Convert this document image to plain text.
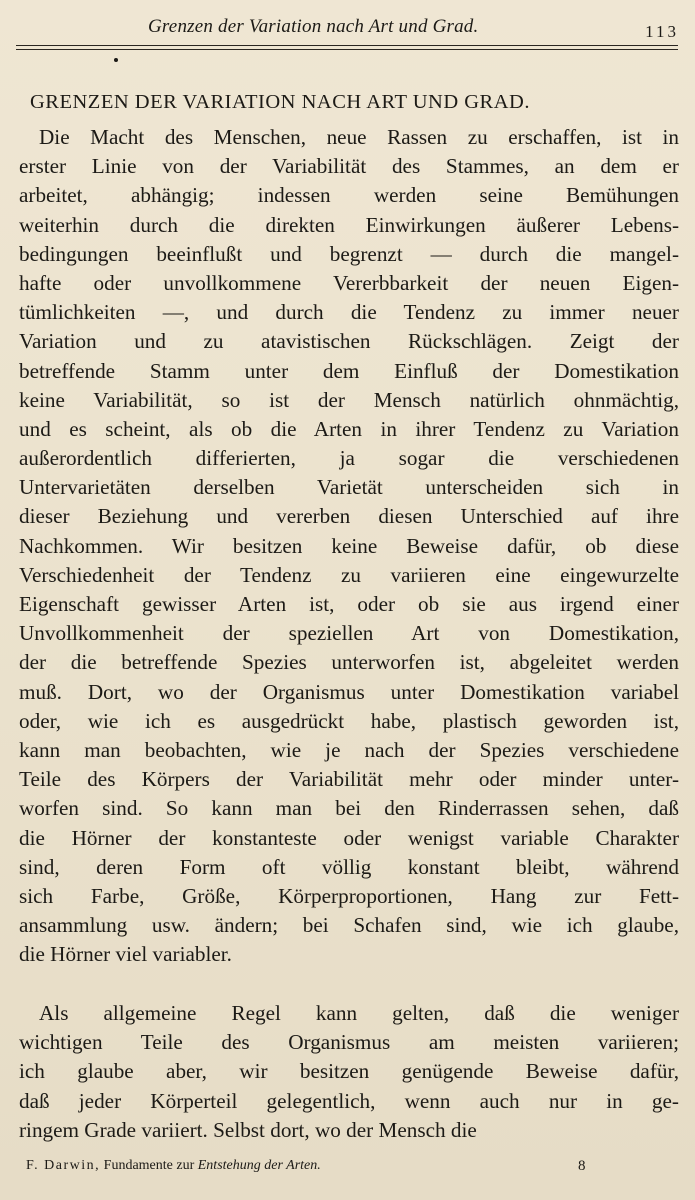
Grenzen der Variation nach Art und Grad.	113
GRENZEN DER VARIATION NACH ART UND GRAD.
Die Macht des Menschen, neue Rassen zu erschaffen, ist in
erster Linie von der Variabilität des Stammes, an dem er
arbeitet, abhängig; indessen werden seine Bemühungen
weiterhin durch die direkten Einwirkungen äußerer Lebens-
bedingungen beeinflußt und begrenzt — durch die mangel-
hafte oder unvollkommene Vererbbarkeit der neuen Eigen-
tümlichkeiten —, und durch die Tendenz zu immer neuer
Variation und zu atavistischen Rückschlägen. Zeigt der
betreffende Stamm unter dem Einfluß der Domestikation
keine Variabilität, so ist der Mensch natürlich ohnmächtig,
und es scheint, als ob die Arten in ihrer Tendenz zu Variation
außerordentlich differierten, ja sogar die verschiedenen
Untervarietäten derselben Varietät unterscheiden sich in
dieser Beziehung und vererben diesen Unterschied auf ihre
Nachkommen. Wir besitzen keine Beweise dafür, ob diese
Verschiedenheit der Tendenz zu variieren eine eingewurzelte
Eigenschaft gewisser Arten ist, oder ob sie aus irgend einer
Unvollkommenheit der speziellen Art von Domestikation,
der die betreffende Spezies unterworfen ist, abgeleitet werden
muß. Dort, wo der Organismus unter Domestikation variabel
oder, wie ich es ausgedrückt habe, plastisch geworden ist,
kann man beobachten, wie je nach der Spezies verschiedene
Teile des Körpers der Variabilität mehr oder minder unter-
worfen sind. So kann man bei den Rinderrassen sehen, daß
die Hörner der konstanteste oder wenigst variable Charakter
sind, deren Form oft völlig konstant bleibt, während
sich Farbe, Größe, Körperproportionen, Hang zur Fett-
ansammlung usw. ändern; bei Schafen sind, wie ich glaube,
die Hörner viel variabler.
Als allgemeine Regel kann gelten, daß die weniger
wichtigen Teile des Organismus am meisten variieren;
ich glaube aber, wir besitzen genügende Beweise dafür,
daß jeder Körperteil gelegentlich, wenn auch nur in ge-
ringem Grade variiert. Selbst dort, wo der Mensch die
F. Darwin, Fundamente zur Entstehung der Arten.	8
